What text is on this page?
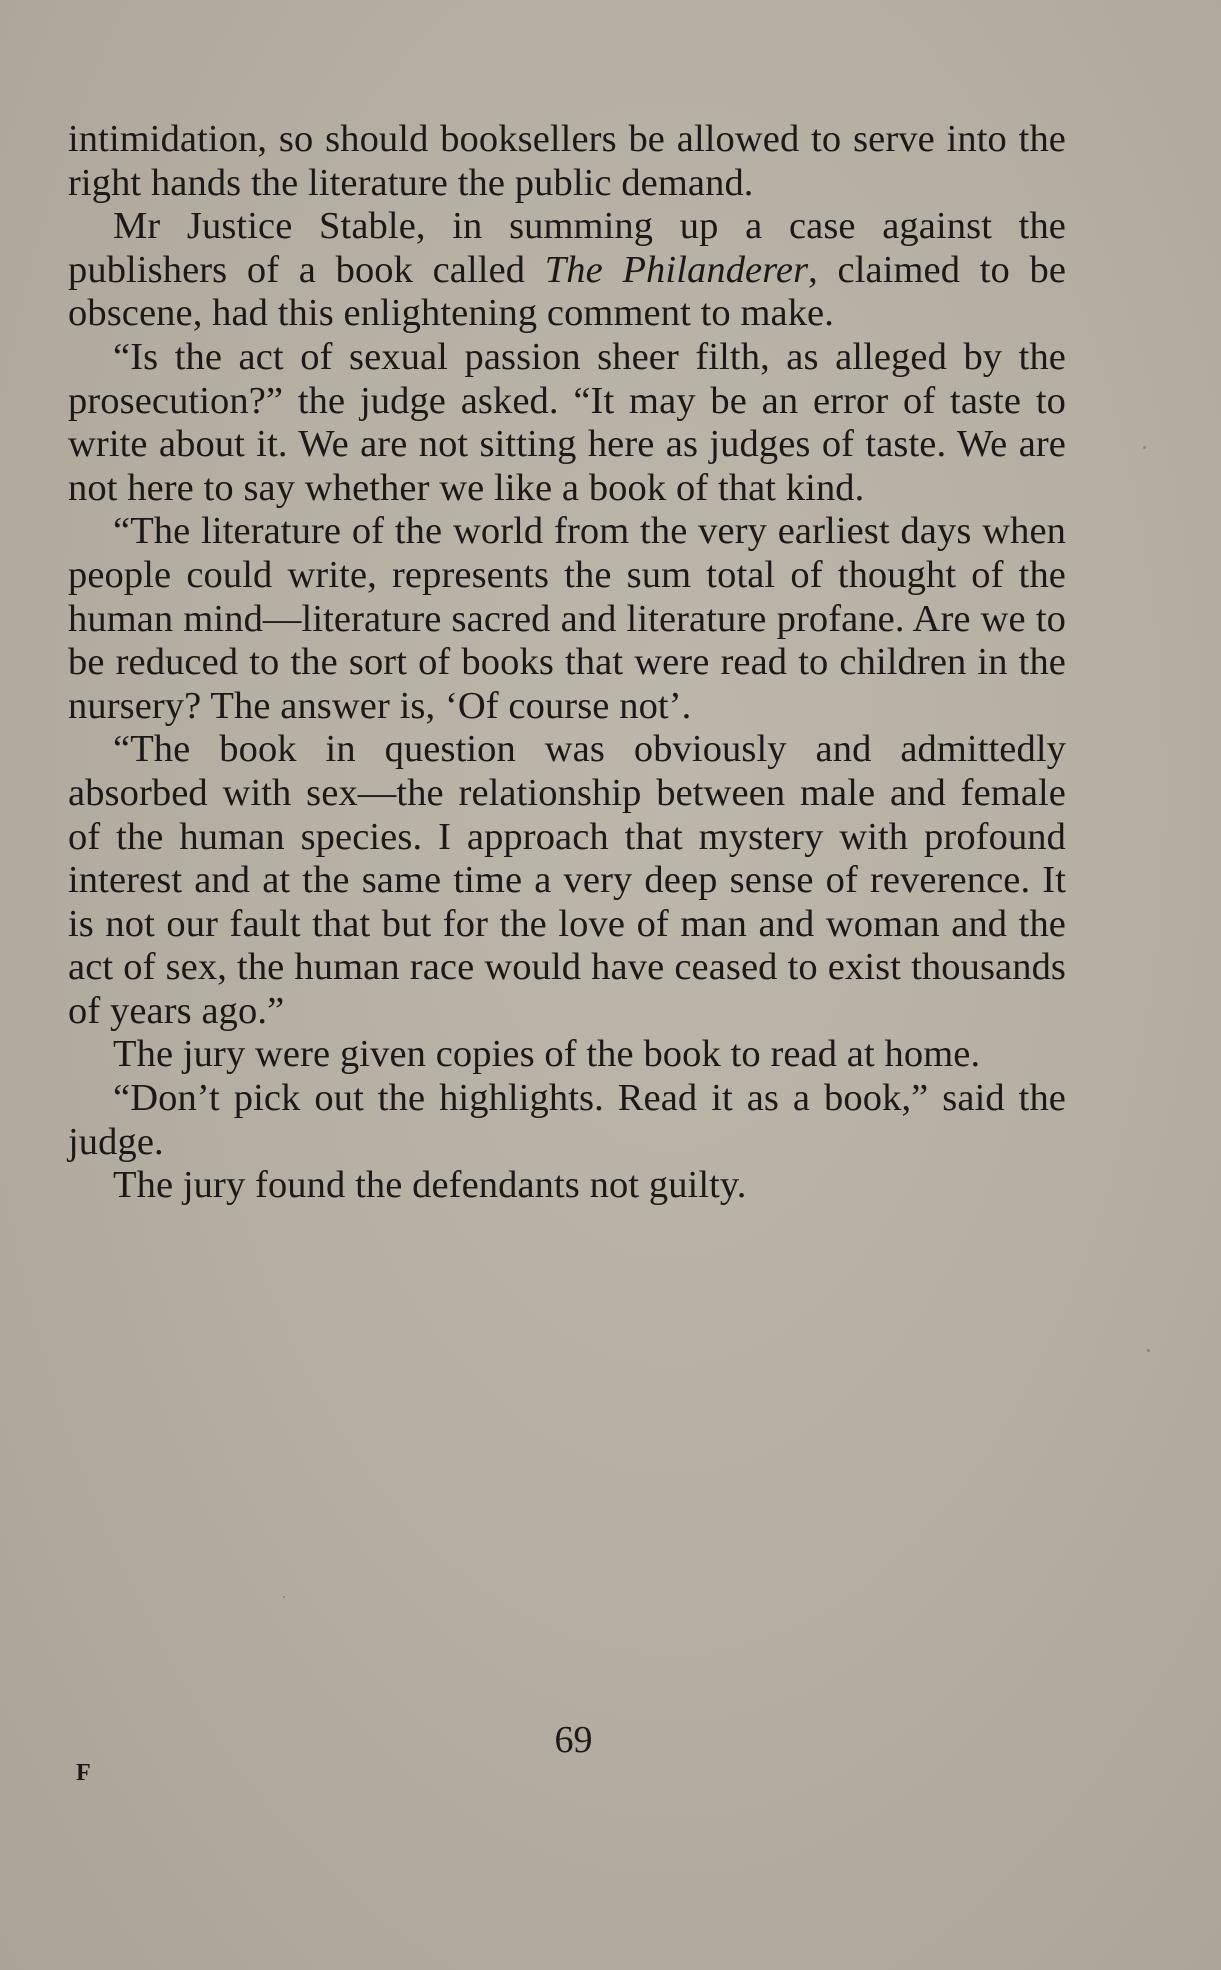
intimidation, so should booksellers be allowed to serve into the right hands the literature the public demand.

Mr Justice Stable, in summing up a case against the publishers of a book called The Philanderer, claimed to be obscene, had this enlightening comment to make.

“Is the act of sexual passion sheer filth, as alleged by the prosecution?” the judge asked. “It may be an error of taste to write about it. We are not sitting here as judges of taste. We are not here to say whether we like a book of that kind.

“The literature of the world from the very earliest days when people could write, represents the sum total of thought of the human mind—literature sacred and literature profane. Are we to be reduced to the sort of books that were read to children in the nursery? The answer is, ‘Of course not’.

“The book in question was obviously and admittedly absorbed with sex—the relationship between male and female of the human species. I approach that mystery with profound interest and at the same time a very deep sense of reverence. It is not our fault that but for the love of man and woman and the act of sex, the human race would have ceased to exist thousands of years ago.”

The jury were given copies of the book to read at home.

“Don’t pick out the highlights. Read it as a book,” said the judge.

The jury found the defendants not guilty.

69
F
